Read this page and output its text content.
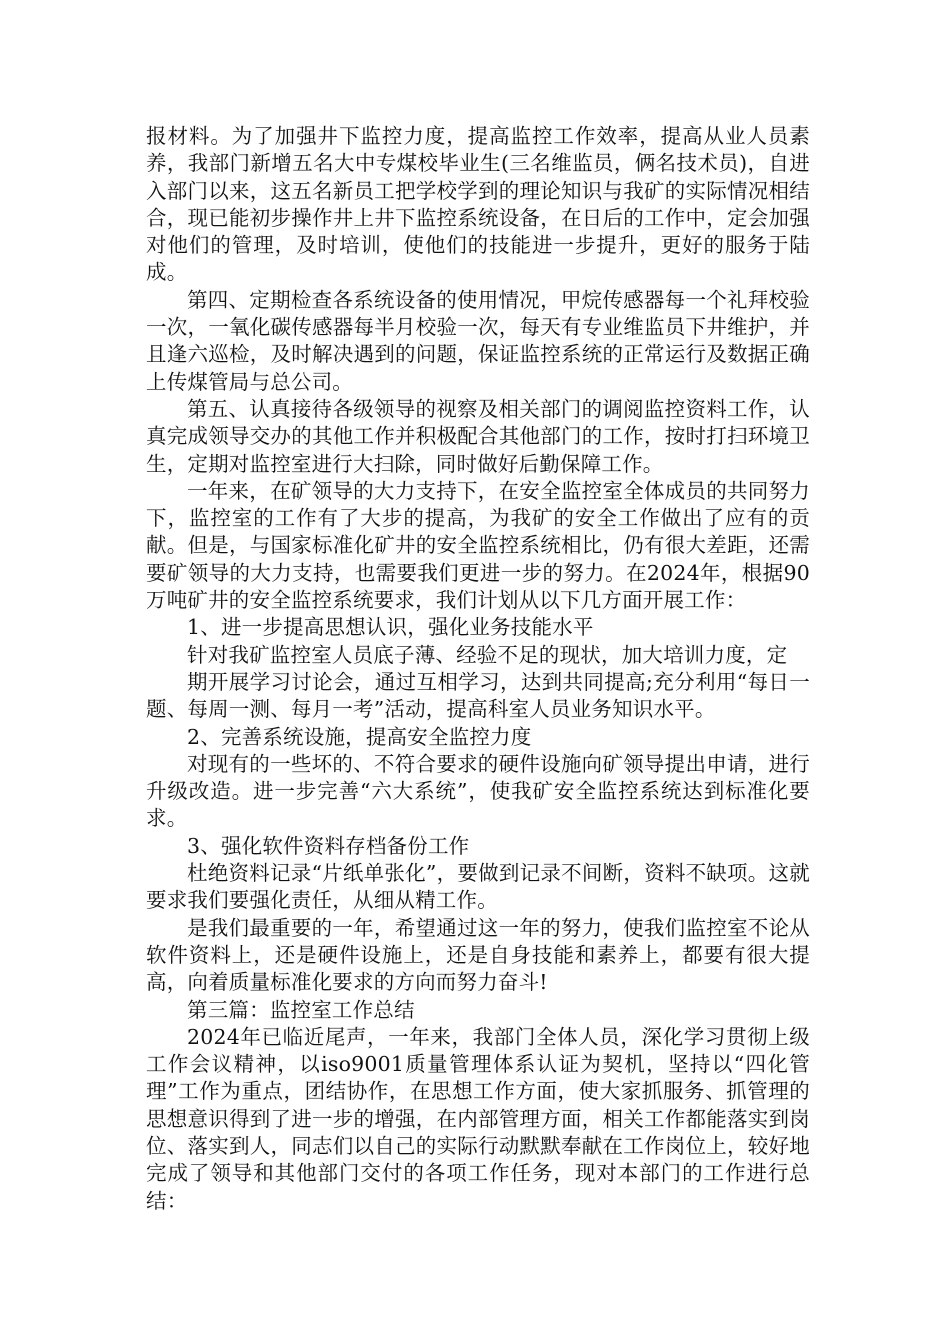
报材料。为了加强井下监控力度，提高监控工作效率，提高从业人员素养，我部门新增五名大中专煤校毕业生(三名维监员，俩名技术员)，自进入部门以来，这五名新员工把学校学到的理论知识与我矿的实际情况相结合，现已能初步操作井上井下监控系统设备，在日后的工作中，定会加强对他们的管理，及时培训，使他们的技能进一步提升，更好的服务于陆成。

第四、定期检查各系统设备的使用情况，甲烷传感器每一个礼拜校验一次，一氧化碳传感器每半月校验一次，每天有专业维监员下井维护，并且逢六巡检，及时解决遇到的问题，保证监控系统的正常运行及数据正确上传煤管局与总公司。

第五、认真接待各级领导的视察及相关部门的调阅监控资料工作，认真完成领导交办的其他工作并积极配合其他部门的工作，按时打扫环境卫生，定期对监控室进行大扫除，同时做好后勤保障工作。

一年来，在矿领导的大力支持下，在安全监控室全体成员的共同努力下，监控室的工作有了大步的提高，为我矿的安全工作做出了应有的贡献。但是，与国家标准化矿井的安全监控系统相比，仍有很大差距，还需要矿领导的大力支持，也需要我们更进一步的努力。在2024年，根据90万吨矿井的安全监控系统要求，我们计划从以下几方面开展工作：

1、进一步提高思想认识，强化业务技能水平

针对我矿监控室人员底子薄、经验不足的现状，加大培训力度，定

期开展学习讨论会，通过互相学习，达到共同提高;充分利用“每日一题、每周一测、每月一考”活动，提高科室人员业务知识水平。

2、完善系统设施，提高安全监控力度

对现有的一些坏的、不符合要求的硬件设施向矿领导提出申请，进行升级改造。进一步完善“六大系统”，使我矿安全监控系统达到标准化要求。

3、强化软件资料存档备份工作

杜绝资料记录“片纸单张化”，要做到记录不间断，资料不缺项。这就要求我们要强化责任，从细从精工作。

是我们最重要的一年，希望通过这一年的努力，使我们监控室不论从软件资料上，还是硬件设施上，还是自身技能和素养上，都要有很大提高，向着质量标准化要求的方向而努力奋斗!

第三篇：监控室工作总结

2024年已临近尾声，一年来，我部门全体人员，深化学习贯彻上级工作会议精神，以iso9001质量管理体系认证为契机，坚持以“四化管理”工作为重点，团结协作，在思想工作方面，使大家抓服务、抓管理的思想意识得到了进一步的增强，在内部管理方面，相关工作都能落实到岗位、落实到人，同志们以自己的实际行动默默奉献在工作岗位上，较好地完成了领导和其他部门交付的各项工作任务，现对本部门的工作进行总结：
